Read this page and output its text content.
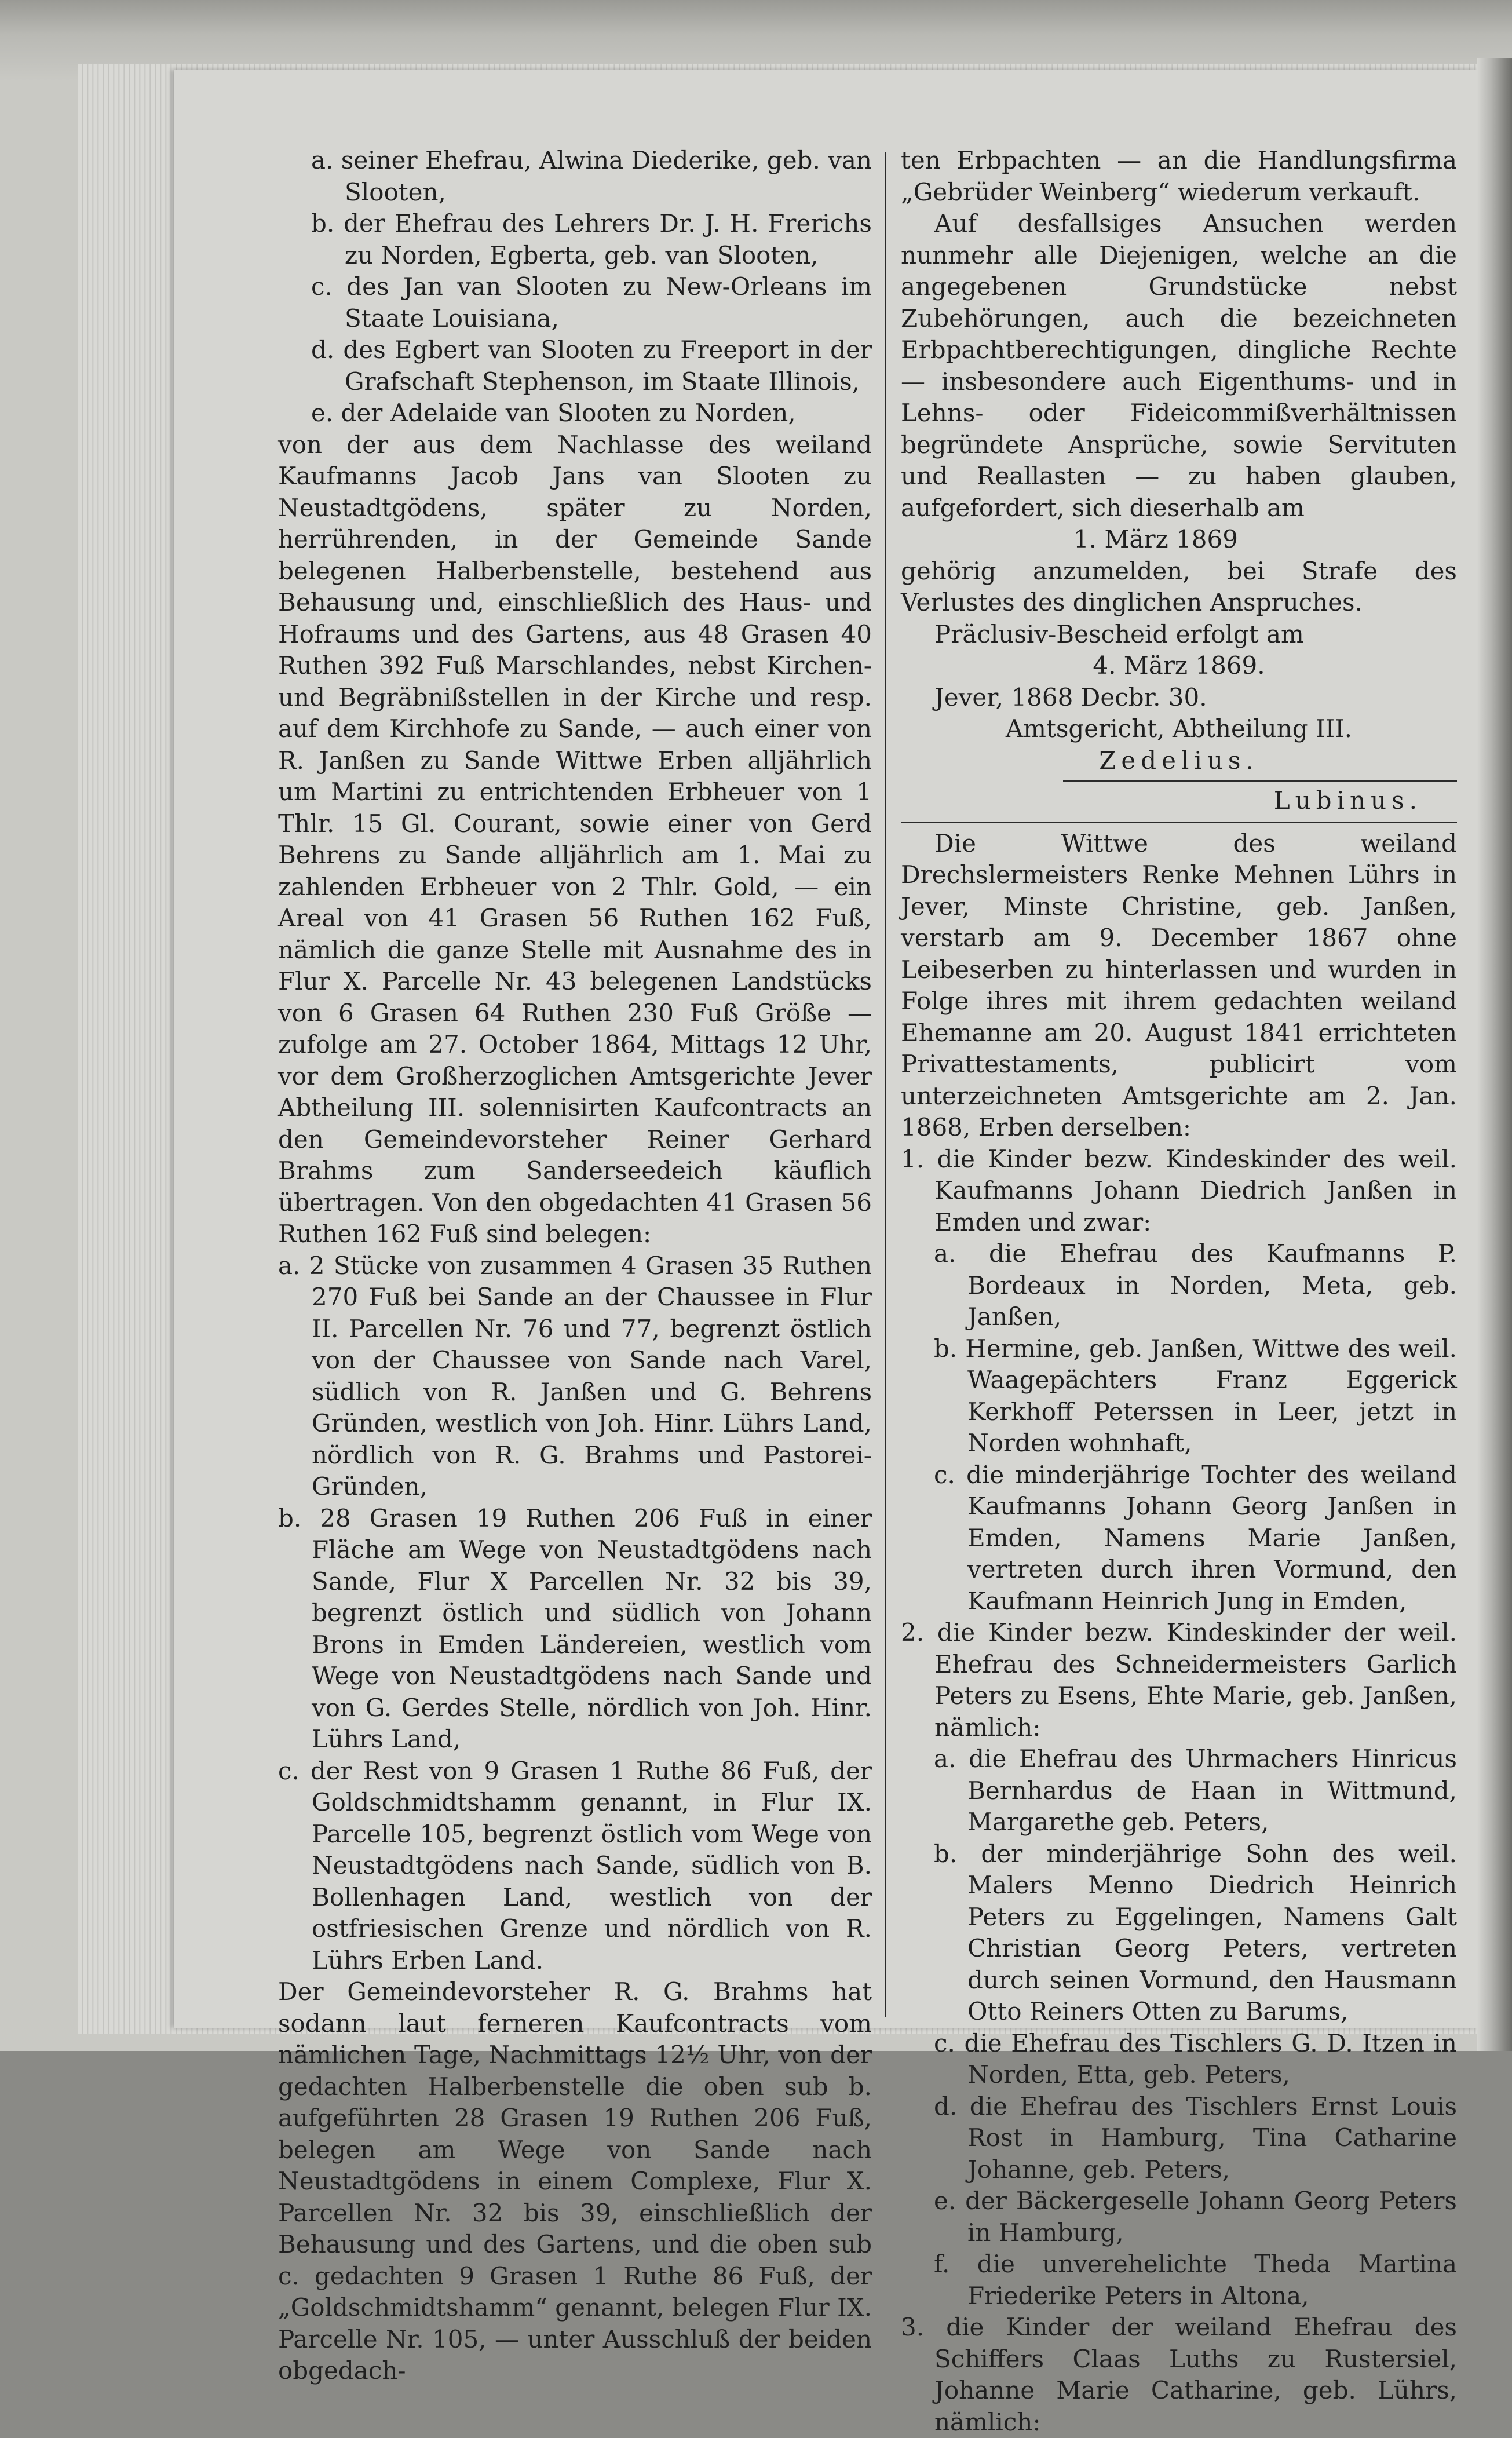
a. seiner Ehefrau, Alwina Diederike, geb. van Slooten,

b. der Ehefrau des Lehrers Dr. J. H. Frerichs zu Norden, Egberta, geb. van Slooten,

c. des Jan van Slooten zu New-Orleans im Staate Louisiana,

d. des Egbert van Slooten zu Freeport in der Grafschaft Stephenson, im Staate Illinois,

e. der Adelaide van Slooten zu Norden,

von der aus dem Nachlasse des weiland Kaufmanns Jacob Jans van Slooten zu Neustadtgödens, später zu Norden, herrührenden, in der Gemeinde Sande belegenen Halberbenstelle, bestehend aus Behausung und, einschließlich des Haus- und Hofraums und des Gartens, aus 48 Grasen 40 Ruthen 392 Fuß Marschlandes, nebst Kirchen- und Begräbnißstellen in der Kirche und resp. auf dem Kirchhofe zu Sande, — auch einer von R. Janßen zu Sande Wittwe Erben alljährlich um Martini zu entrichtenden Erbheuer von 1 Thlr. 15 Gl. Courant, sowie einer von Gerd Behrens zu Sande alljährlich am 1. Mai zu zahlenden Erbheuer von 2 Thlr. Gold, — ein Areal von 41 Grasen 56 Ruthen 162 Fuß, nämlich die ganze Stelle mit Ausnahme des in Flur X. Parcelle Nr. 43 belegenen Landstücks von 6 Grasen 64 Ruthen 230 Fuß Größe — zufolge am 27. October 1864, Mittags 12 Uhr, vor dem Großherzoglichen Amtsgerichte Jever Abtheilung III. solennisirten Kaufcontracts an den Gemeindevorsteher Reiner Gerhard Brahms zum Sanderseedeich käuflich übertragen. Von den obgedachten 41 Grasen 56 Ruthen 162 Fuß sind belegen:

a. 2 Stücke von zusammen 4 Grasen 35 Ruthen 270 Fuß bei Sande an der Chaussee in Flur II. Parcellen Nr. 76 und 77, begrenzt östlich von der Chaussee von Sande nach Varel, südlich von R. Janßen und G. Behrens Gründen, westlich von Joh. Hinr. Lührs Land, nördlich von R. G. Brahms und Pastorei-Gründen,

b. 28 Grasen 19 Ruthen 206 Fuß in einer Fläche am Wege von Neustadtgödens nach Sande, Flur X Parcellen Nr. 32 bis 39, begrenzt östlich und südlich von Johann Brons in Emden Ländereien, westlich vom Wege von Neustadtgödens nach Sande und von G. Gerdes Stelle, nördlich von Joh. Hinr. Lührs Land,

c. der Rest von 9 Grasen 1 Ruthe 86 Fuß, der Goldschmidtshamm genannt, in Flur IX. Parcelle 105, begrenzt östlich vom Wege von Neustadtgödens nach Sande, südlich von B. Bollenhagen Land, westlich von der ostfriesischen Grenze und nördlich von R. Lührs Erben Land.

Der Gemeindevorsteher R. G. Brahms hat sodann laut ferneren Kaufcontracts vom nämlichen Tage, Nachmittags 12½ Uhr, von der gedachten Halberbenstelle die oben sub b. aufgeführten 28 Grasen 19 Ruthen 206 Fuß, belegen am Wege von Sande nach Neustadtgödens in einem Complexe, Flur X. Parcellen Nr. 32 bis 39, einschließlich der Behausung und des Gartens, und die oben sub c. gedachten 9 Grasen 1 Ruthe 86 Fuß, der „Goldschmidtshamm“ genannt, belegen Flur IX. Parcelle Nr. 105, — unter Ausschluß der beiden obgedach-

ten Erbpachten — an die Handlungsfirma „Gebrüder Weinberg“ wiederum verkauft.

Auf desfallsiges Ansuchen werden nunmehr alle Diejenigen, welche an die angegebenen Grundstücke nebst Zubehörungen, auch die bezeichneten Erbpachtberechtigungen, dingliche Rechte — insbesondere auch Eigenthums- und in Lehns- oder Fideicommißverhältnissen begründete Ansprüche, sowie Servituten und Reallasten — zu haben glauben, aufgefordert, sich dieserhalb am

1. März 1869

gehörig anzumelden, bei Strafe des Verlustes des dinglichen Anspruches.

Präclusiv-Bescheid erfolgt am

4. März 1869.

Jever, 1868 Decbr. 30.

Amtsgericht, Abtheilung III.

Zedelius.

Lubinus.

Die Wittwe des weiland Drechslermeisters Renke Mehnen Lührs in Jever, Minste Christine, geb. Janßen, verstarb am 9. December 1867 ohne Leibeserben zu hinterlassen und wurden in Folge ihres mit ihrem gedachten weiland Ehemanne am 20. August 1841 errichteten Privattestaments, publicirt vom unterzeichneten Amtsgerichte am 2. Jan. 1868, Erben derselben:

1. die Kinder bezw. Kindeskinder des weil. Kaufmanns Johann Diedrich Janßen in Emden und zwar:

a. die Ehefrau des Kaufmanns P. Bordeaux in Norden, Meta, geb. Janßen,

b. Hermine, geb. Janßen, Wittwe des weil. Waagepächters Franz Eggerick Kerkhoff Peterssen in Leer, jetzt in Norden wohnhaft,

c. die minderjährige Tochter des weiland Kaufmanns Johann Georg Janßen in Emden, Namens Marie Janßen, vertreten durch ihren Vormund, den Kaufmann Heinrich Jung in Emden,

2. die Kinder bezw. Kindeskinder der weil. Ehefrau des Schneidermeisters Garlich Peters zu Esens, Ehte Marie, geb. Janßen, nämlich:

a. die Ehefrau des Uhrmachers Hinricus Bernhardus de Haan in Wittmund, Margarethe geb. Peters,

b. der minderjährige Sohn des weil. Malers Menno Diedrich Heinrich Peters zu Eggelingen, Namens Galt Christian Georg Peters, vertreten durch seinen Vormund, den Hausmann Otto Reiners Otten zu Barums,

c. die Ehefrau des Tischlers G. D. Itzen in Norden, Etta, geb. Peters,

d. die Ehefrau des Tischlers Ernst Louis Rost in Hamburg, Tina Catharine Johanne, geb. Peters,

e. der Bäckergeselle Johann Georg Peters in Hamburg,

f. die unverehelichte Theda Martina Friederike Peters in Altona,

3. die Kinder der weiland Ehefrau des Schiffers Claas Luths zu Rustersiel, Johanne Marie Catharine, geb. Lührs, nämlich:
